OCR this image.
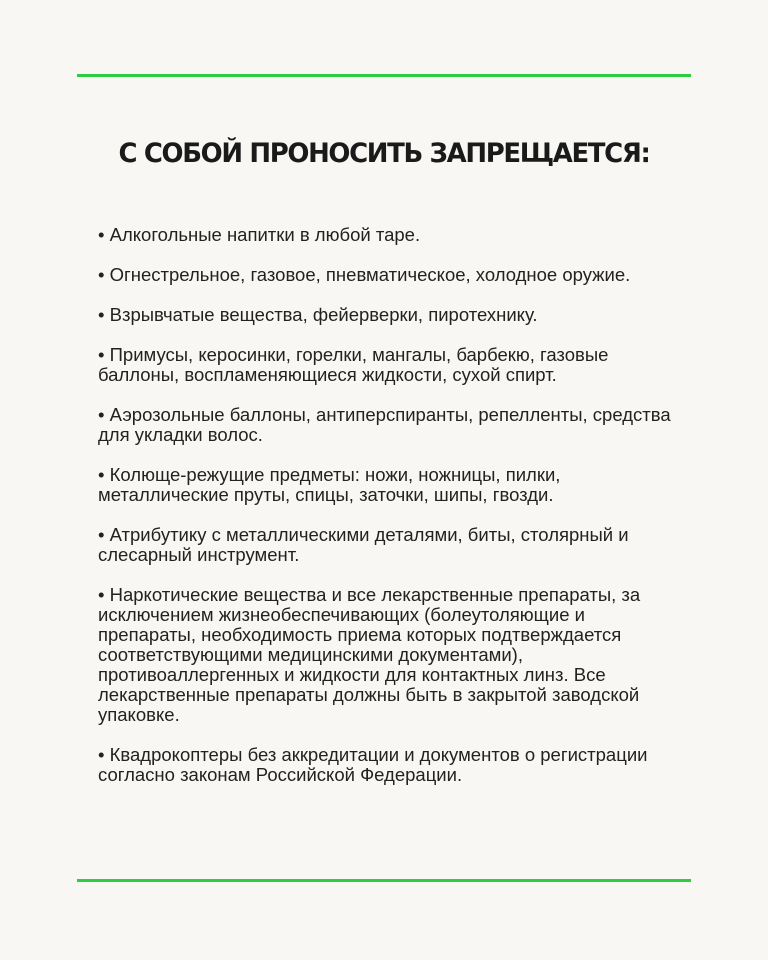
С СОБОЙ ПРОНОСИТЬ ЗАПРЕЩАЕТСЯ:
• Алкогольные напитки в любой таре.
• Огнестрельное, газовое, пневматическое, холодное оружие.
• Взрывчатые вещества, фейерверки, пиротехнику.
• Примусы, керосинки, горелки, мангалы, барбекю, газовые
баллоны, воспламеняющиеся жидкости, сухой спирт.
• Аэрозольные баллоны, антиперспиранты, репелленты, средства
для укладки волос.
• Колюще-режущие предметы: ножи, ножницы, пилки,
металлические пруты, спицы, заточки, шипы, гвозди.
• Атрибутику с металлическими деталями, биты, столярный и
слесарный инструмент.
• Наркотические вещества и все лекарственные препараты, за
исключением жизнеобеспечивающих (болеутоляющие и
препараты, необходимость приема которых подтверждается
соответствующими медицинскими документами),
противоаллергенных и жидкости для контактных линз. Все
лекарственные препараты должны быть в закрытой заводской
упаковке.
• Квадрокоптеры без аккредитации и документов о регистрации
согласно законам Российской Федерации.
